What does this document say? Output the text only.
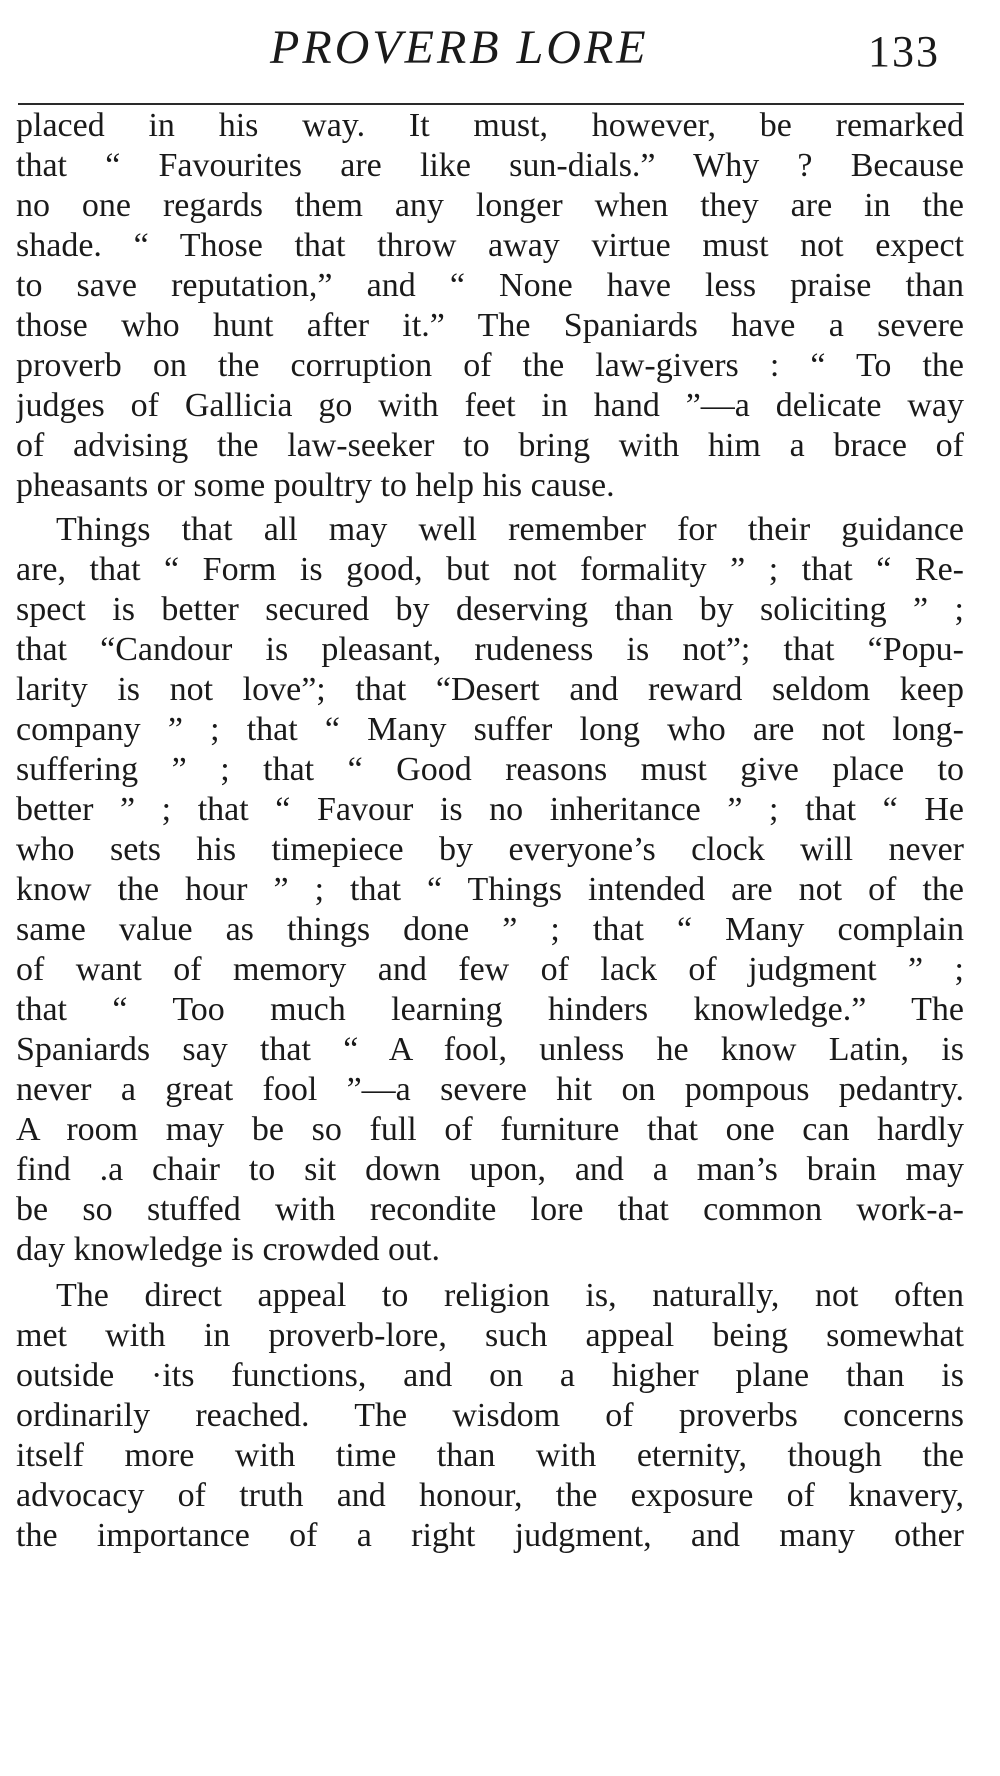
PROVERB LORE	133
placed in his way. It must, however, be remarked
that “ Favourites are like sun-dials.” Why ? Because
no one regards them any longer when they are in the
shade. “ Those that throw away virtue must not expect
to save reputation,” and “ None have less praise than
those who hunt after it.” The Spaniards have a severe
proverb on the corruption of the law-givers : “ To the
judges of Gallicia go with feet in hand ”—a delicate way
of advising the law-seeker to bring with him a brace of
pheasants or some poultry to help his cause.
Things that all may well remember for their guidance
are, that “ Form is good, but not formality ” ; that “ Re-
spect is better secured by deserving than by soliciting ” ;
that “Candour is pleasant, rudeness is not”; that “Popu-
larity is not love”; that “Desert and reward seldom keep
company ” ; that “ Many suffer long who are not long-
suffering ” ; that “ Good reasons must give place to
better ” ; that “ Favour is no inheritance ” ; that “ He
who sets his timepiece by everyone’s clock will never
know the hour ” ; that “ Things intended are not of the
same value as things done ” ; that “ Many complain
of want of memory and few of lack of judgment ” ;
that “ Too much learning hinders knowledge.” The
Spaniards say that “ A fool, unless he know Latin, is
never a great fool ”—a severe hit on pompous pedantry.
A room may be so full of furniture that one can hardly
find .a chair to sit down upon, and a man’s brain may
be so stuffed with recondite lore that common work-a-
day knowledge is crowded out.
The direct appeal to religion is, naturally, not often
met with in proverb-lore, such appeal being somewhat
outside ·its functions, and on a higher plane than is
ordinarily reached. The wisdom of proverbs concerns
itself more with time than with eternity, though the
advocacy of truth and honour, the exposure of knavery,
the importance of a right judgment, and many other
